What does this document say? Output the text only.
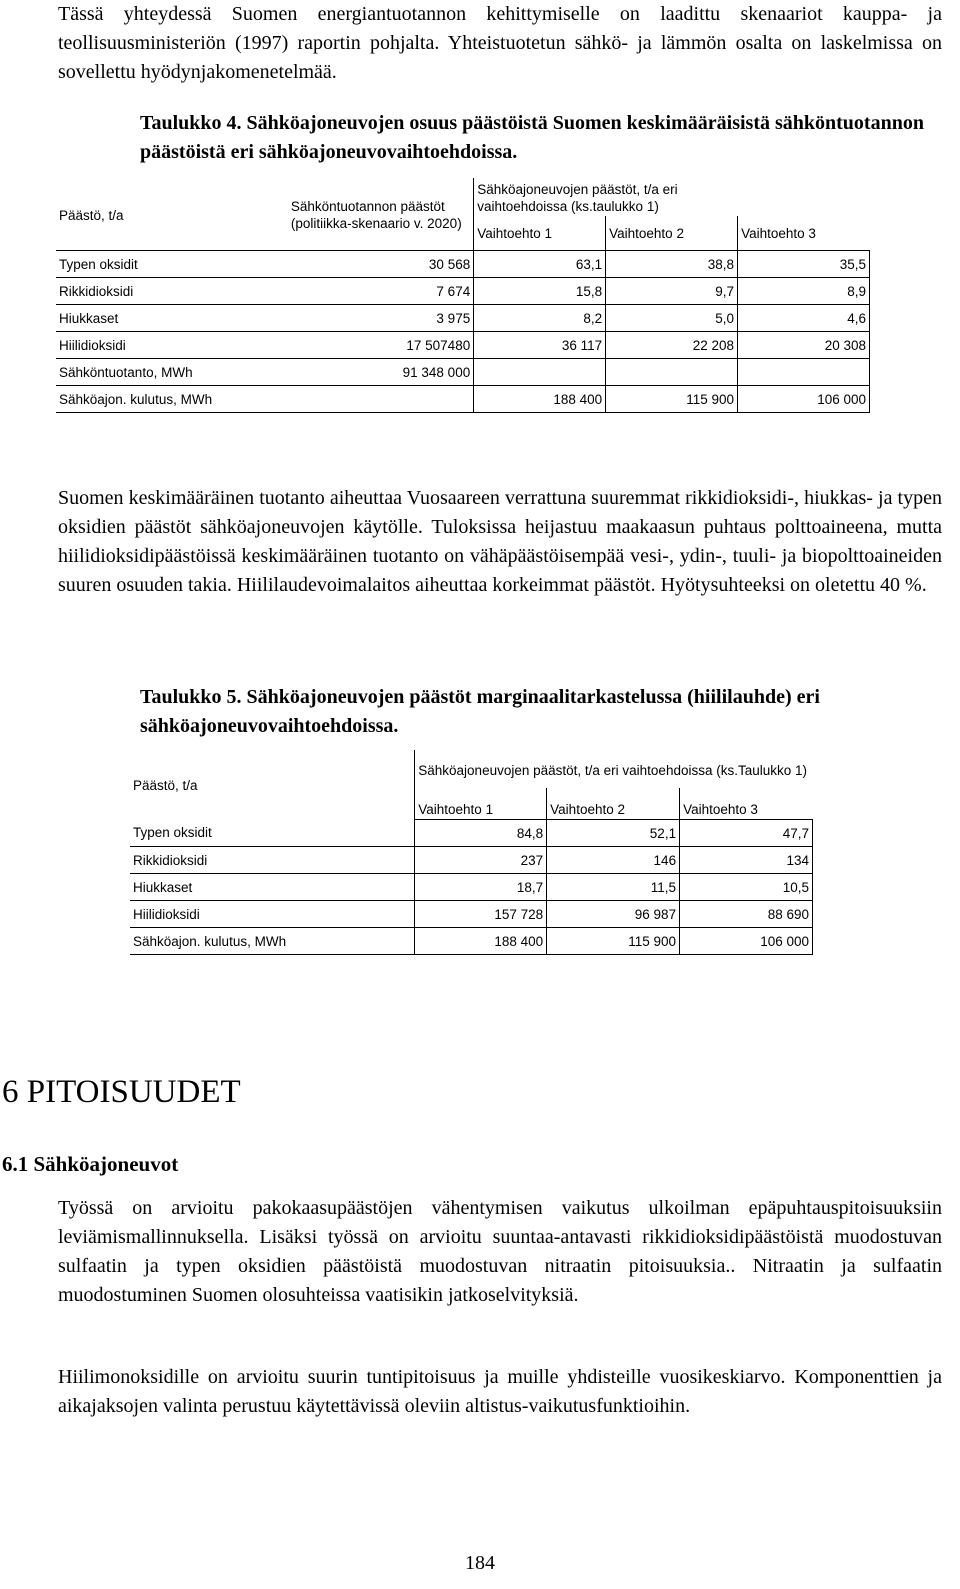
Tässä yhteydessä Suomen energiantuotannon kehittymiselle on laadittu skenaariot kauppa- ja teollisuusministeriön (1997) raportin pohjalta. Yhteistuotetun sähkö- ja lämmön osalta on laskelmissa on sovellettu hyödynjakomenetelmää.

Taulukko 4. Sähköajoneuvojen osuus päästöistä Suomen keskimääräisistä sähköntuotannon päästöistä eri sähköajoneuvovaihtoehdoissa.

Päästö, t/a	Sähköntuotannon päästöt (politiikka-skenaario v. 2020)	Sähköajoneuvojen päästöt, t/a eri vaihtoehdoissa (ks.taulukko 1)		

		Vaihtoehto 1	Vaihtoehto 2	Vaihtoehto 3
Typen oksidit	30 568	63,1	38,8	35,5
Rikkidioksidi	7 674	15,8	9,7	8,9
Hiukkaset	3 975	8,2	5,0	4,6
Hiilidioksidi	17 507480	36 117	22 208	20 308
Sähköntuotanto, MWh	91 348 000			
Sähköajon. kulutus, MWh		188 400	115 900	106 000

Suomen keskimääräinen tuotanto aiheuttaa Vuosaareen verrattuna suuremmat rikkidioksidi-, hiukkas- ja typen oksidien päästöt sähköajoneuvojen käytölle. Tuloksissa heijastuu maakaasun puhtaus polttoaineena, mutta hiilidioksidipäästöissä keskimääräinen tuotanto on vähäpäästöisempää vesi-, ydin-, tuuli- ja biopolttoaineiden suuren osuuden takia. Hiililaudevoimalaitos aiheuttaa korkeimmat päästöt. Hyötysuhteeksi on oletettu 40 %.

Taulukko 5. Sähköajoneuvojen päästöt marginaalitarkastelussa (hiililauhde) eri sähköajoneuvovaihtoehdoissa.

Päästö, t/a	Sähköajoneuvojen päästöt, t/a eri vaihtoehdoissa (ks.Taulukko 1)		
	Vaihtoehto 1	Vaihtoehto 2	Vaihtoehto 3
Typen oksidit	84,8	52,1	47,7
Rikkidioksidi	237	146	134
Hiukkaset	18,7	11,5	10,5
Hiilidioksidi	157 728	96 987	88 690
Sähköajon. kulutus, MWh	188 400	115 900	106 000
6 PITOISUUDET
6.1 Sähköajoneuvot

Työssä on arvioitu pakokaasupäästöjen vähentymisen vaikutus ulkoilman epäpuhtauspitoisuuksiin leviämismallinnuksella. Lisäksi työssä on arvioitu suuntaa-antavasti rikkidioksidipäästöistä muodostuvan sulfaatin ja typen oksidien päästöistä muodostuvan nitraatin pitoisuuksia.. Nitraatin ja sulfaatin muodostuminen Suomen olosuhteissa vaatisikin jatkoselvityksiä.

Hiilimonoksidille on arvioitu suurin tuntipitoisuus ja muille yhdisteille vuosikeskiarvo. Komponenttien ja aikajaksojen valinta perustuu käytettävissä oleviin altistus-vaikutusfunktioihin.

184
